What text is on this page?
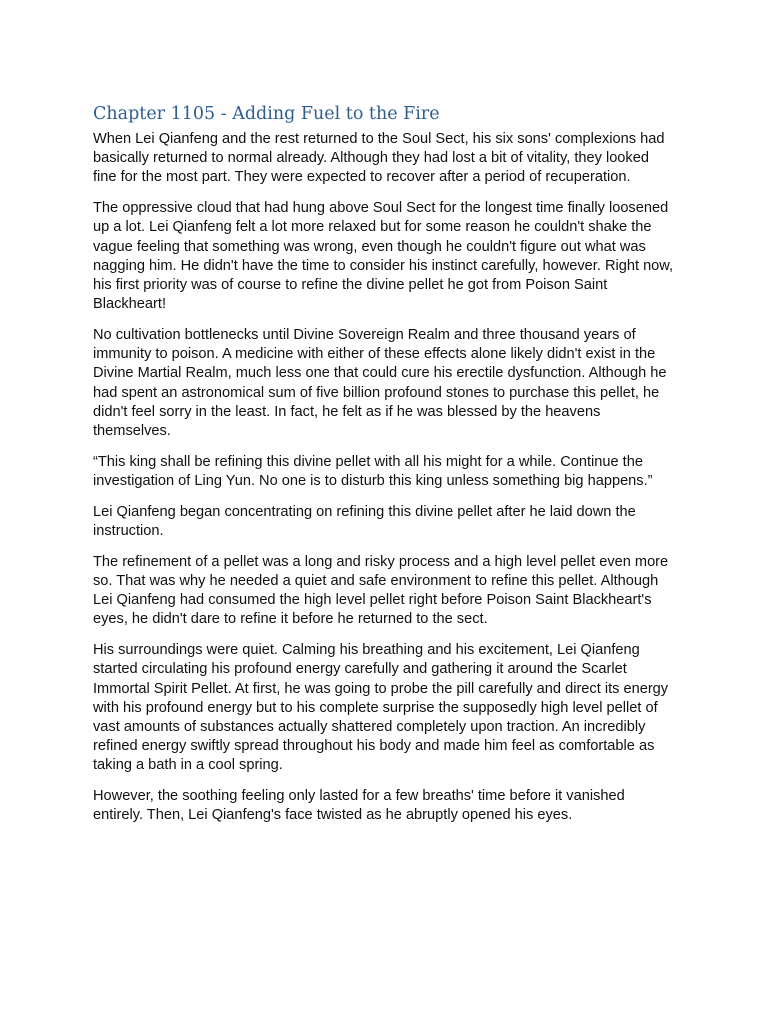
Chapter 1105 - Adding Fuel to the Fire

When Lei Qianfeng and the rest returned to the Soul Sect, his six sons' complexions had basically returned to normal already. Although they had lost a bit of vitality, they looked fine for the most part. They were expected to recover after a period of recuperation.

The oppressive cloud that had hung above Soul Sect for the longest time finally loosened up a lot. Lei Qianfeng felt a lot more relaxed but for some reason he couldn't shake the vague feeling that something was wrong, even though he couldn't figure out what was nagging him. He didn't have the time to consider his instinct carefully, however. Right now, his first priority was of course to refine the divine pellet he got from Poison Saint Blackheart!

No cultivation bottlenecks until Divine Sovereign Realm and three thousand years of immunity to poison. A medicine with either of these effects alone likely didn't exist in the Divine Martial Realm, much less one that could cure his erectile dysfunction. Although he had spent an astronomical sum of five billion profound stones to purchase this pellet, he didn't feel sorry in the least. In fact, he felt as if he was blessed by the heavens themselves.

“This king shall be refining this divine pellet with all his might for a while. Continue the investigation of Ling Yun. No one is to disturb this king unless something big happens.”

Lei Qianfeng began concentrating on refining this divine pellet after he laid down the instruction.

The refinement of a pellet was a long and risky process and a high level pellet even more so. That was why he needed a quiet and safe environment to refine this pellet. Although Lei Qianfeng had consumed the high level pellet right before Poison Saint Blackheart's eyes, he didn't dare to refine it before he returned to the sect.

His surroundings were quiet. Calming his breathing and his excitement, Lei Qianfeng started circulating his profound energy carefully and gathering it around the Scarlet Immortal Spirit Pellet. At first, he was going to probe the pill carefully and direct its energy with his profound energy but to his complete surprise the supposedly high level pellet of vast amounts of substances actually shattered completely upon traction. An incredibly refined energy swiftly spread throughout his body and made him feel as comfortable as taking a bath in a cool spring.

However, the soothing feeling only lasted for a few breaths' time before it vanished entirely. Then, Lei Qianfeng's face twisted as he abruptly opened his eyes.
